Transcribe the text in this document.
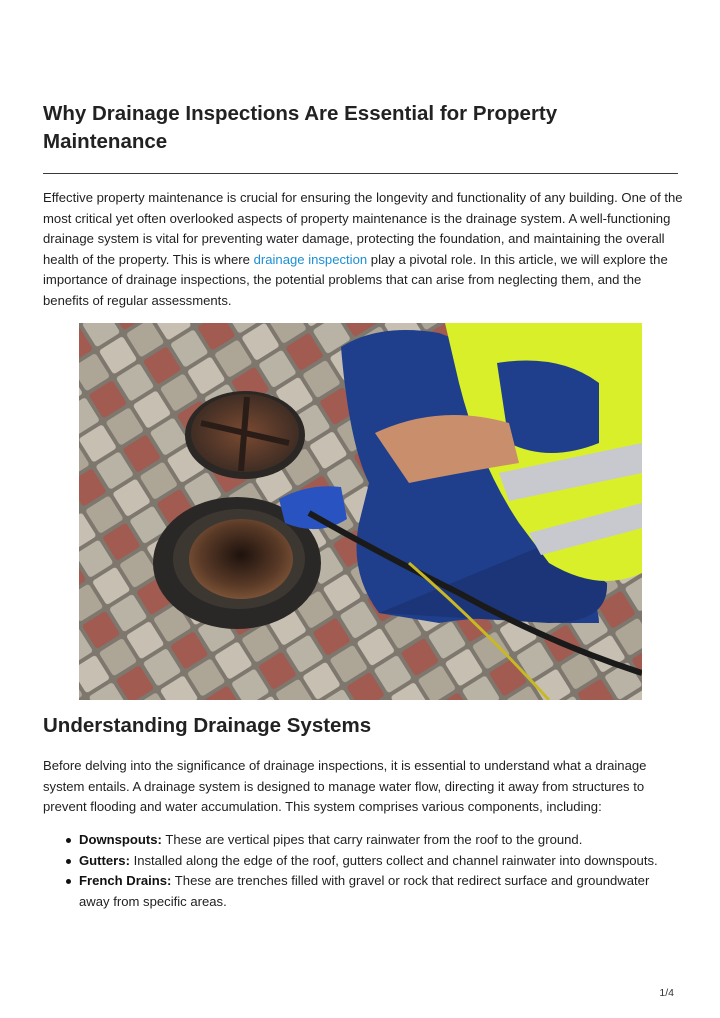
Why Drainage Inspections Are Essential for Property Maintenance

Effective property maintenance is crucial for ensuring the longevity and functionality of any building. One of the most critical yet often overlooked aspects of property maintenance is the drainage system. A well-functioning drainage system is vital for preventing water damage, protecting the foundation, and maintaining the overall health of the property. This is where drainage inspection play a pivotal role. In this article, we will explore the importance of drainage inspections, the potential problems that can arise from neglecting them, and the benefits of regular assessments.

Understanding Drainage Systems

Before delving into the significance of drainage inspections, it is essential to understand what a drainage system entails. A drainage system is designed to manage water flow, directing it away from structures to prevent flooding and water accumulation. This system comprises various components, including:

Downspouts: These are vertical pipes that carry rainwater from the roof to the ground.
Gutters: Installed along the edge of the roof, gutters collect and channel rainwater into downspouts.
French Drains: These are trenches filled with gravel or rock that redirect surface and groundwater away from specific areas.
1/4
